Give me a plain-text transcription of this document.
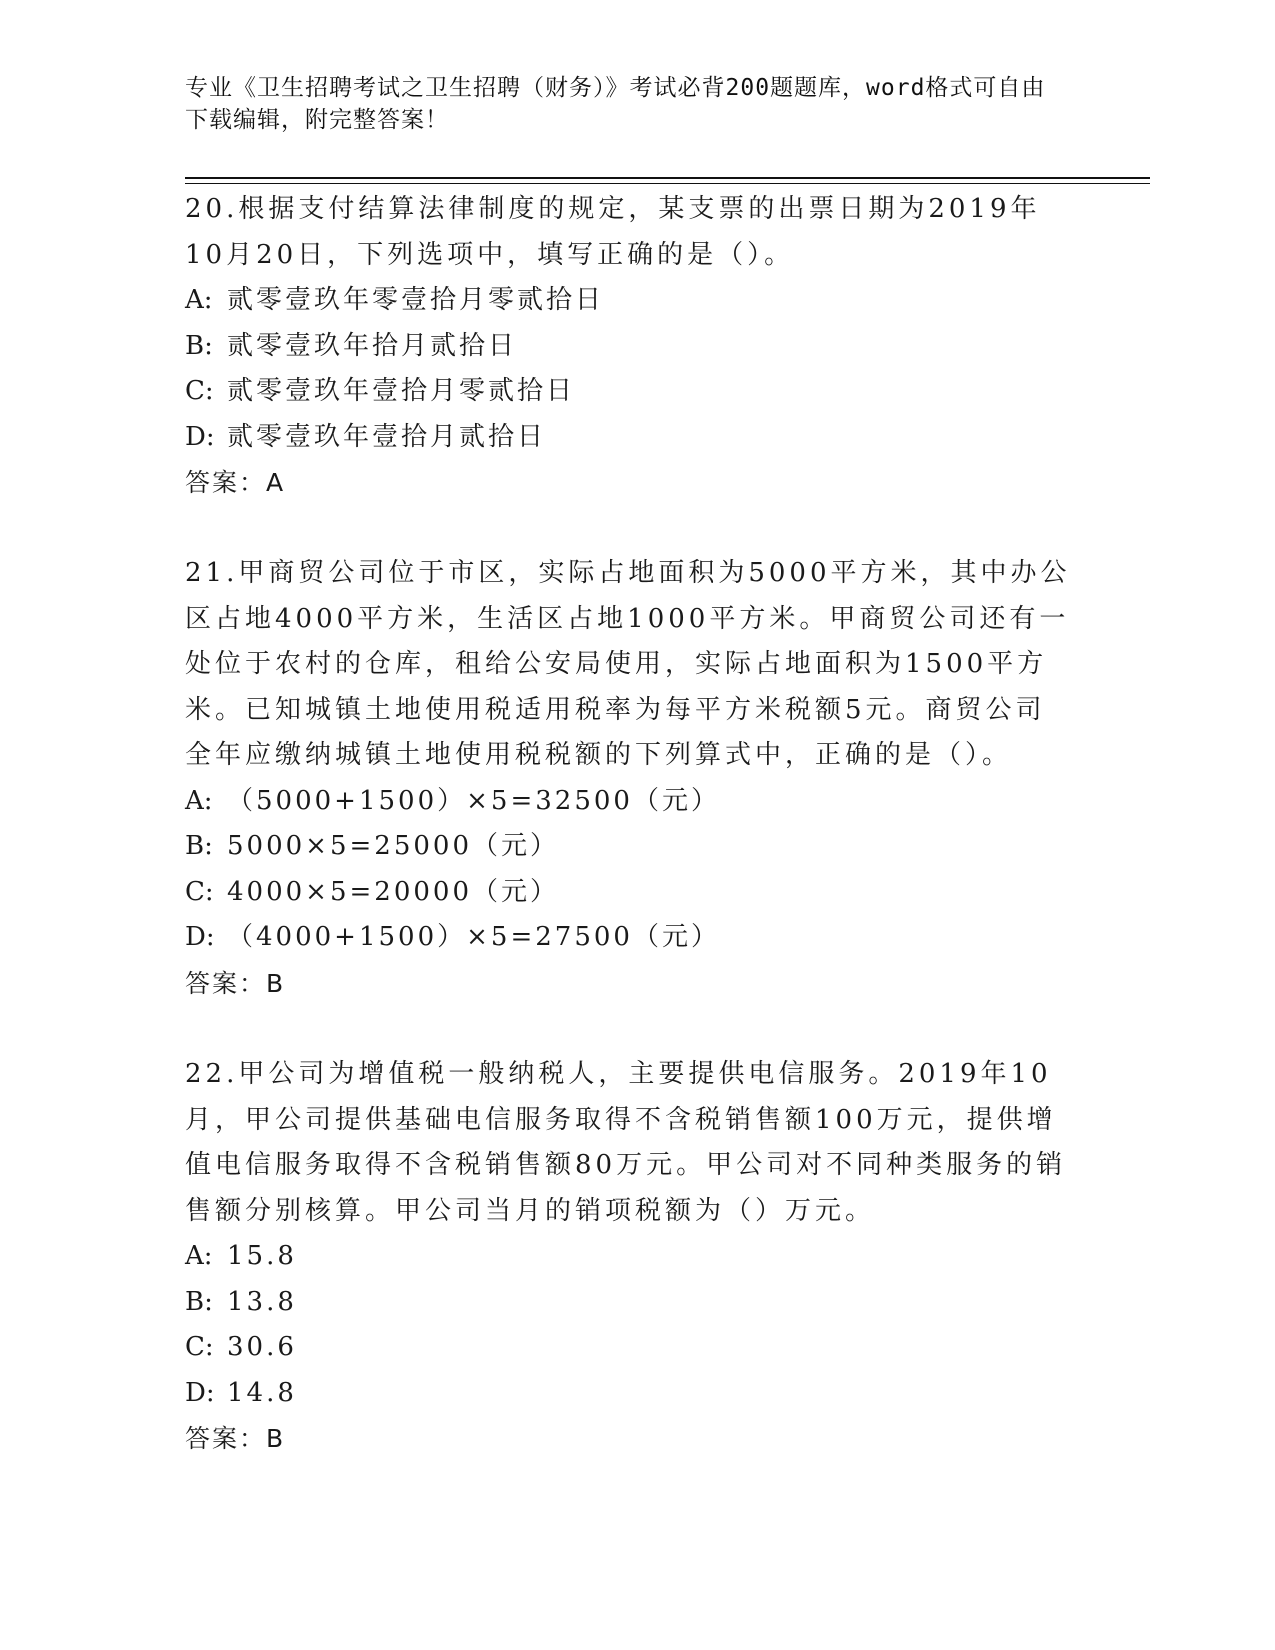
专业《卫生招聘考试之卫生招聘（财务）》考试必背200题题库，word格式可自由下载编辑，附完整答案！

20.根据支付结算法律制度的规定，某支票的出票日期为2019年10月20日，下列选项中，填写正确的是（）。

A: 贰零壹玖年零壹拾月零贰拾日

B: 贰零壹玖年拾月贰拾日

C: 贰零壹玖年壹拾月零贰拾日

D: 贰零壹玖年壹拾月贰拾日

答案：A

21.甲商贸公司位于市区，实际占地面积为5000平方米，其中办公区占地4000平方米，生活区占地1000平方米。甲商贸公司还有一处位于农村的仓库，租给公安局使用，实际占地面积为1500平方米。已知城镇土地使用税适用税率为每平方米税额5元。商贸公司全年应缴纳城镇土地使用税税额的下列算式中，正确的是（）。

A: （5000+1500）×5=32500（元）

B: 5000×5=25000（元）

C: 4000×5=20000（元）

D: （4000+1500）×5=27500（元）

答案：B

22.甲公司为增值税一般纳税人，主要提供电信服务。2019年10月，甲公司提供基础电信服务取得不含税销售额100万元，提供增值电信服务取得不含税销售额80万元。甲公司对不同种类服务的销售额分别核算。甲公司当月的销项税额为（）万元。

A: 15.8

B: 13.8

C: 30.6

D: 14.8

答案：B
